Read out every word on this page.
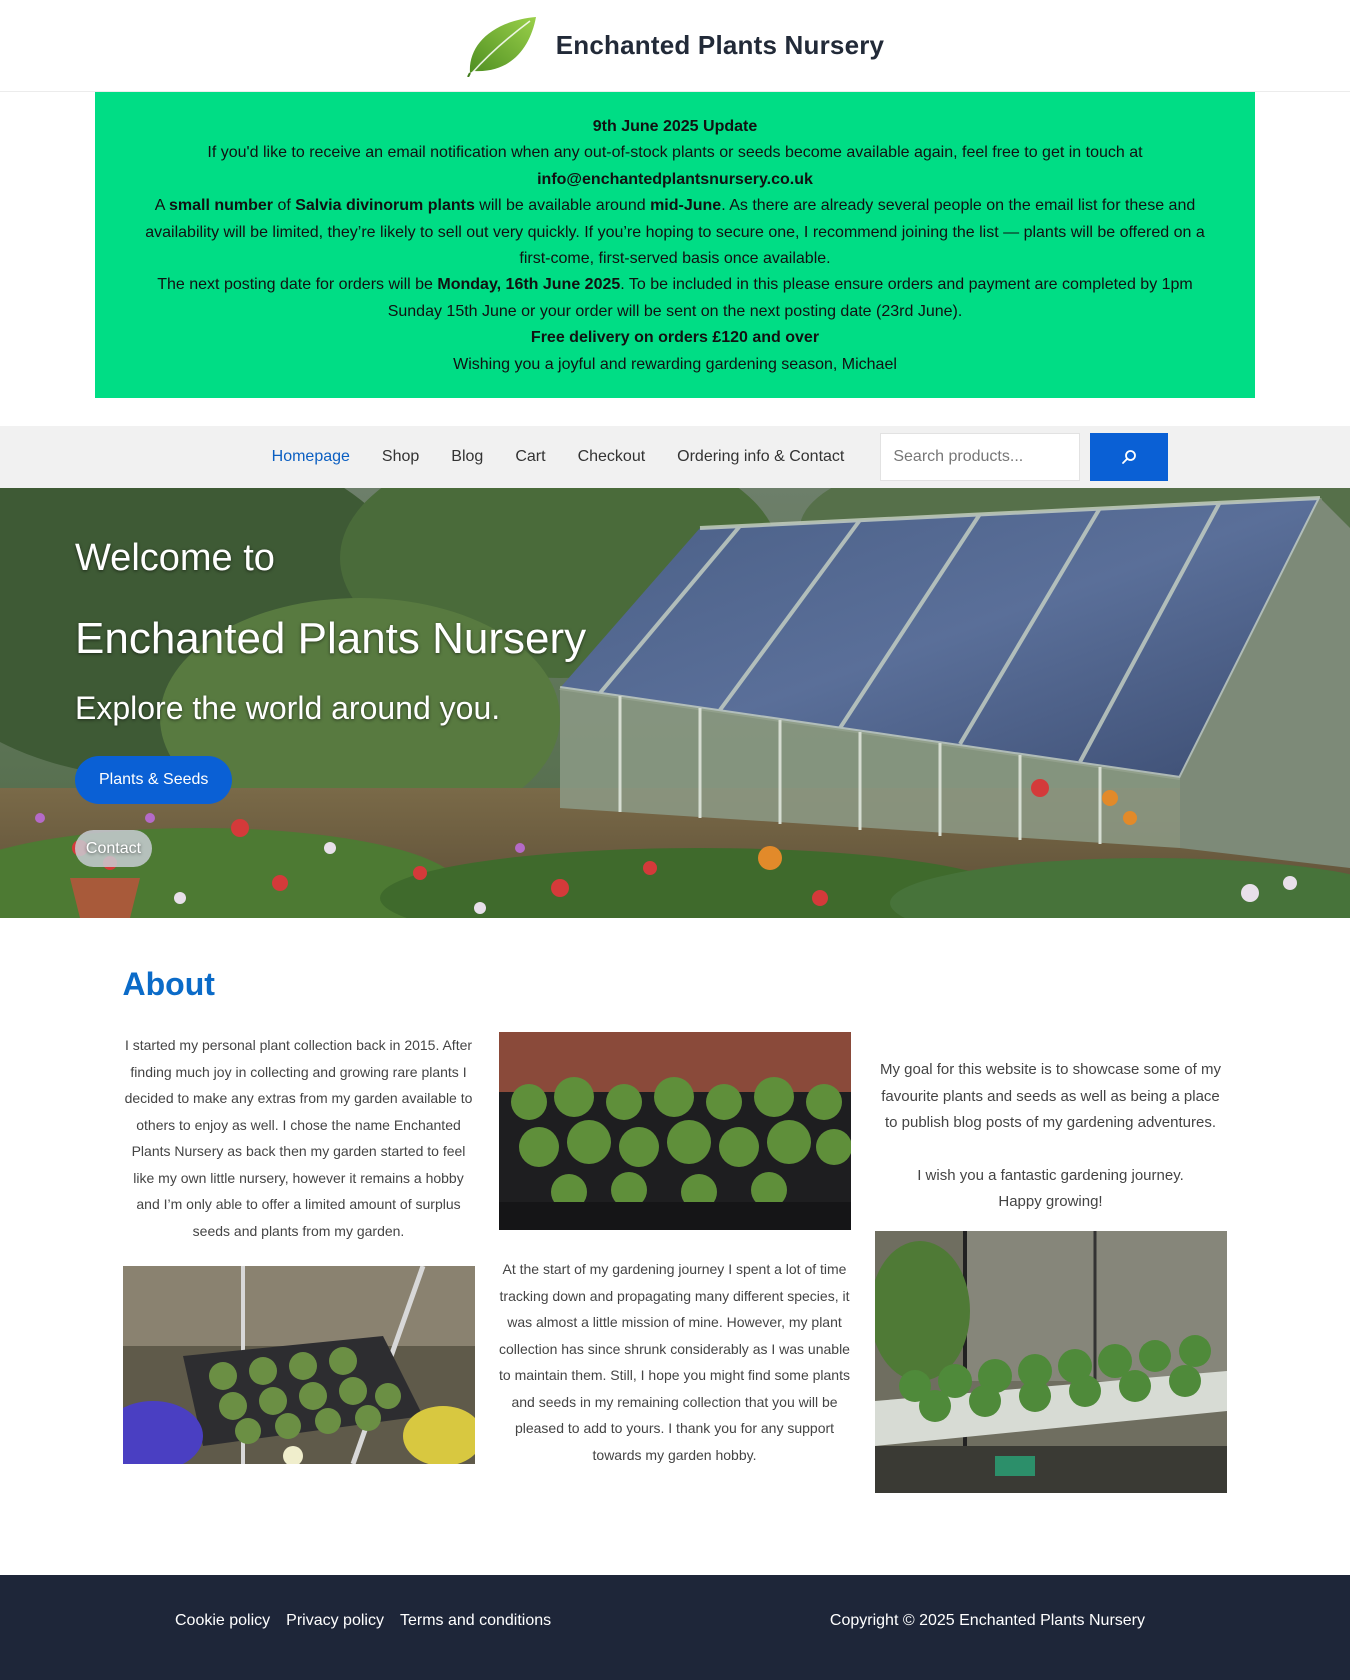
Enchanted Plants Nursery
9th June 2025 Update
If you'd like to receive an email notification when any out-of-stock plants or seeds become available again, feel free to get in touch at
info@enchantedplantsnursery.co.uk
A small number of Salvia divinorum plants will be available around mid-June. As there are already several people on the email list for these and availability will be limited, they’re likely to sell out very quickly. If you’re hoping to secure one, I recommend joining the list — plants will be offered on a first-come, first-served basis once available.
The next posting date for orders will be Monday, 16th June 2025. To be included in this please ensure orders and payment are completed by 1pm Sunday 15th June or your order will be sent on the next posting date (23rd June).
Free delivery on orders £120 and over
Wishing you a joyful and rewarding gardening season, Michael
Homepage Shop Blog Cart Checkout Ordering info & Contact
Search products...
Welcome to
Enchanted Plants Nursery
Explore the world around you.
Plants & Seeds
Contact
About

I started my personal plant collection back in 2015. After finding much joy in collecting and growing rare plants I decided to make any extras from my garden available to others to enjoy as well. I chose the name Enchanted Plants Nursery as back then my garden started to feel like my own little nursery, however it remains a hobby and I’m only able to offer a limited amount of surplus seeds and plants from my garden.

At the start of my gardening journey I spent a lot of time tracking down and propagating many different species, it was almost a little mission of mine. However, my plant collection has since shrunk considerably as I was unable to maintain them. Still, I hope you might find some plants and seeds in my remaining collection that you will be pleased to add to yours. I thank you for any support towards my garden hobby.

My goal for this website is to showcase some of my favourite plants and seeds as well as being a place to publish blog posts of my gardening adventures.

I wish you a fantastic gardening journey.

Happy growing!

Cookie policy Privacy policy Terms and conditions	Copyright © 2025 Enchanted Plants Nursery
